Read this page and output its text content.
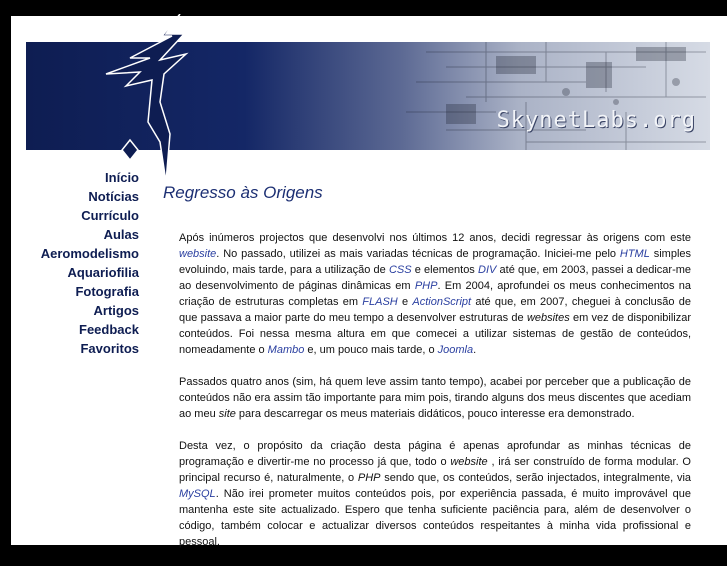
SkynetLabs.org
Início
Notícias
Currículo
Aulas
Aeromodelismo
Aquariofilia
Fotografia
Artigos
Feedback
Favoritos
Regresso às Origens

Após inúmeros projectos que desenvolvi nos últimos 12 anos, decidi regressar às origens com este website. No passado, utilizei as mais variadas técnicas de programação. Iniciei-me pelo HTML simples evoluindo, mais tarde, para a utilização de CSS e elementos DIV até que, em 2003, passei a dedicar-me ao desenvolvimento de páginas dinâmicas em PHP. Em 2004, aprofundei os meus conhecimentos na criação de estruturas completas em FLASH e ActionScript até que, em 2007, cheguei à conclusão de que passava a maior parte do meu tempo a desenvolver estruturas de websites em vez de disponibilizar conteúdos. Foi nessa mesma altura em que comecei a utilizar sistemas de gestão de conteúdos, nomeadamente o Mambo e, um pouco mais tarde, o Joomla.

Passados quatro anos (sim, há quem leve assim tanto tempo), acabei por perceber que a publicação de conteúdos não era assim tão importante para mim pois, tirando alguns dos meus discentes que acediam ao meu site para descarregar os meus materiais didáticos, pouco interesse era demonstrado.

Desta vez, o propósito da criação desta página é apenas aprofundar as minhas técnicas de programação e divertir-me no processo já que, todo o website , irá ser construído de forma modular. O principal recurso é, naturalmente, o PHP sendo que, os conteúdos, serão injectados, integralmente, via MySQL. Não irei prometer muitos conteúdos pois, por experiência passada, é muito improvável que mantenha este site actualizado. Espero que tenha suficiente paciência para, além de desenvolver o código, também colocar e actualizar diversos conteúdos respeitantes à minha vida profissional e pessoal.
